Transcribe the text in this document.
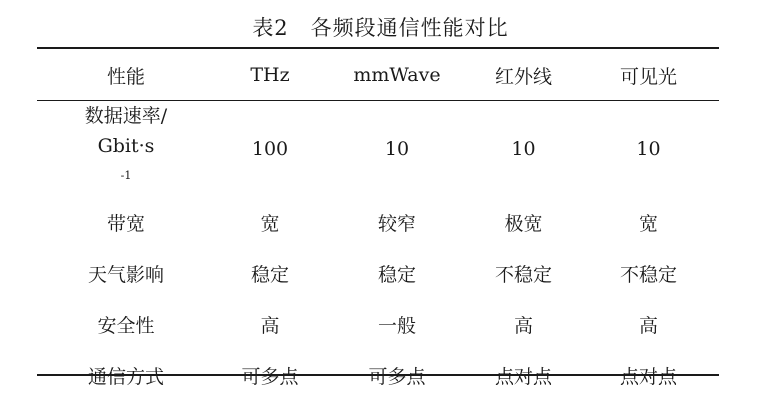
表2　各频段通信性能对比
性能	THz	mmWave	红外线	可见光

数据速率/
Gbit·s
$^{-1}$	100	10	10	10
带宽	宽	较窄	极宽	宽
天气影响	稳定	稳定	不稳定	不稳定
安全性	高	一般	高	高
通信方式	可多点	可多点	点对点	点对点
